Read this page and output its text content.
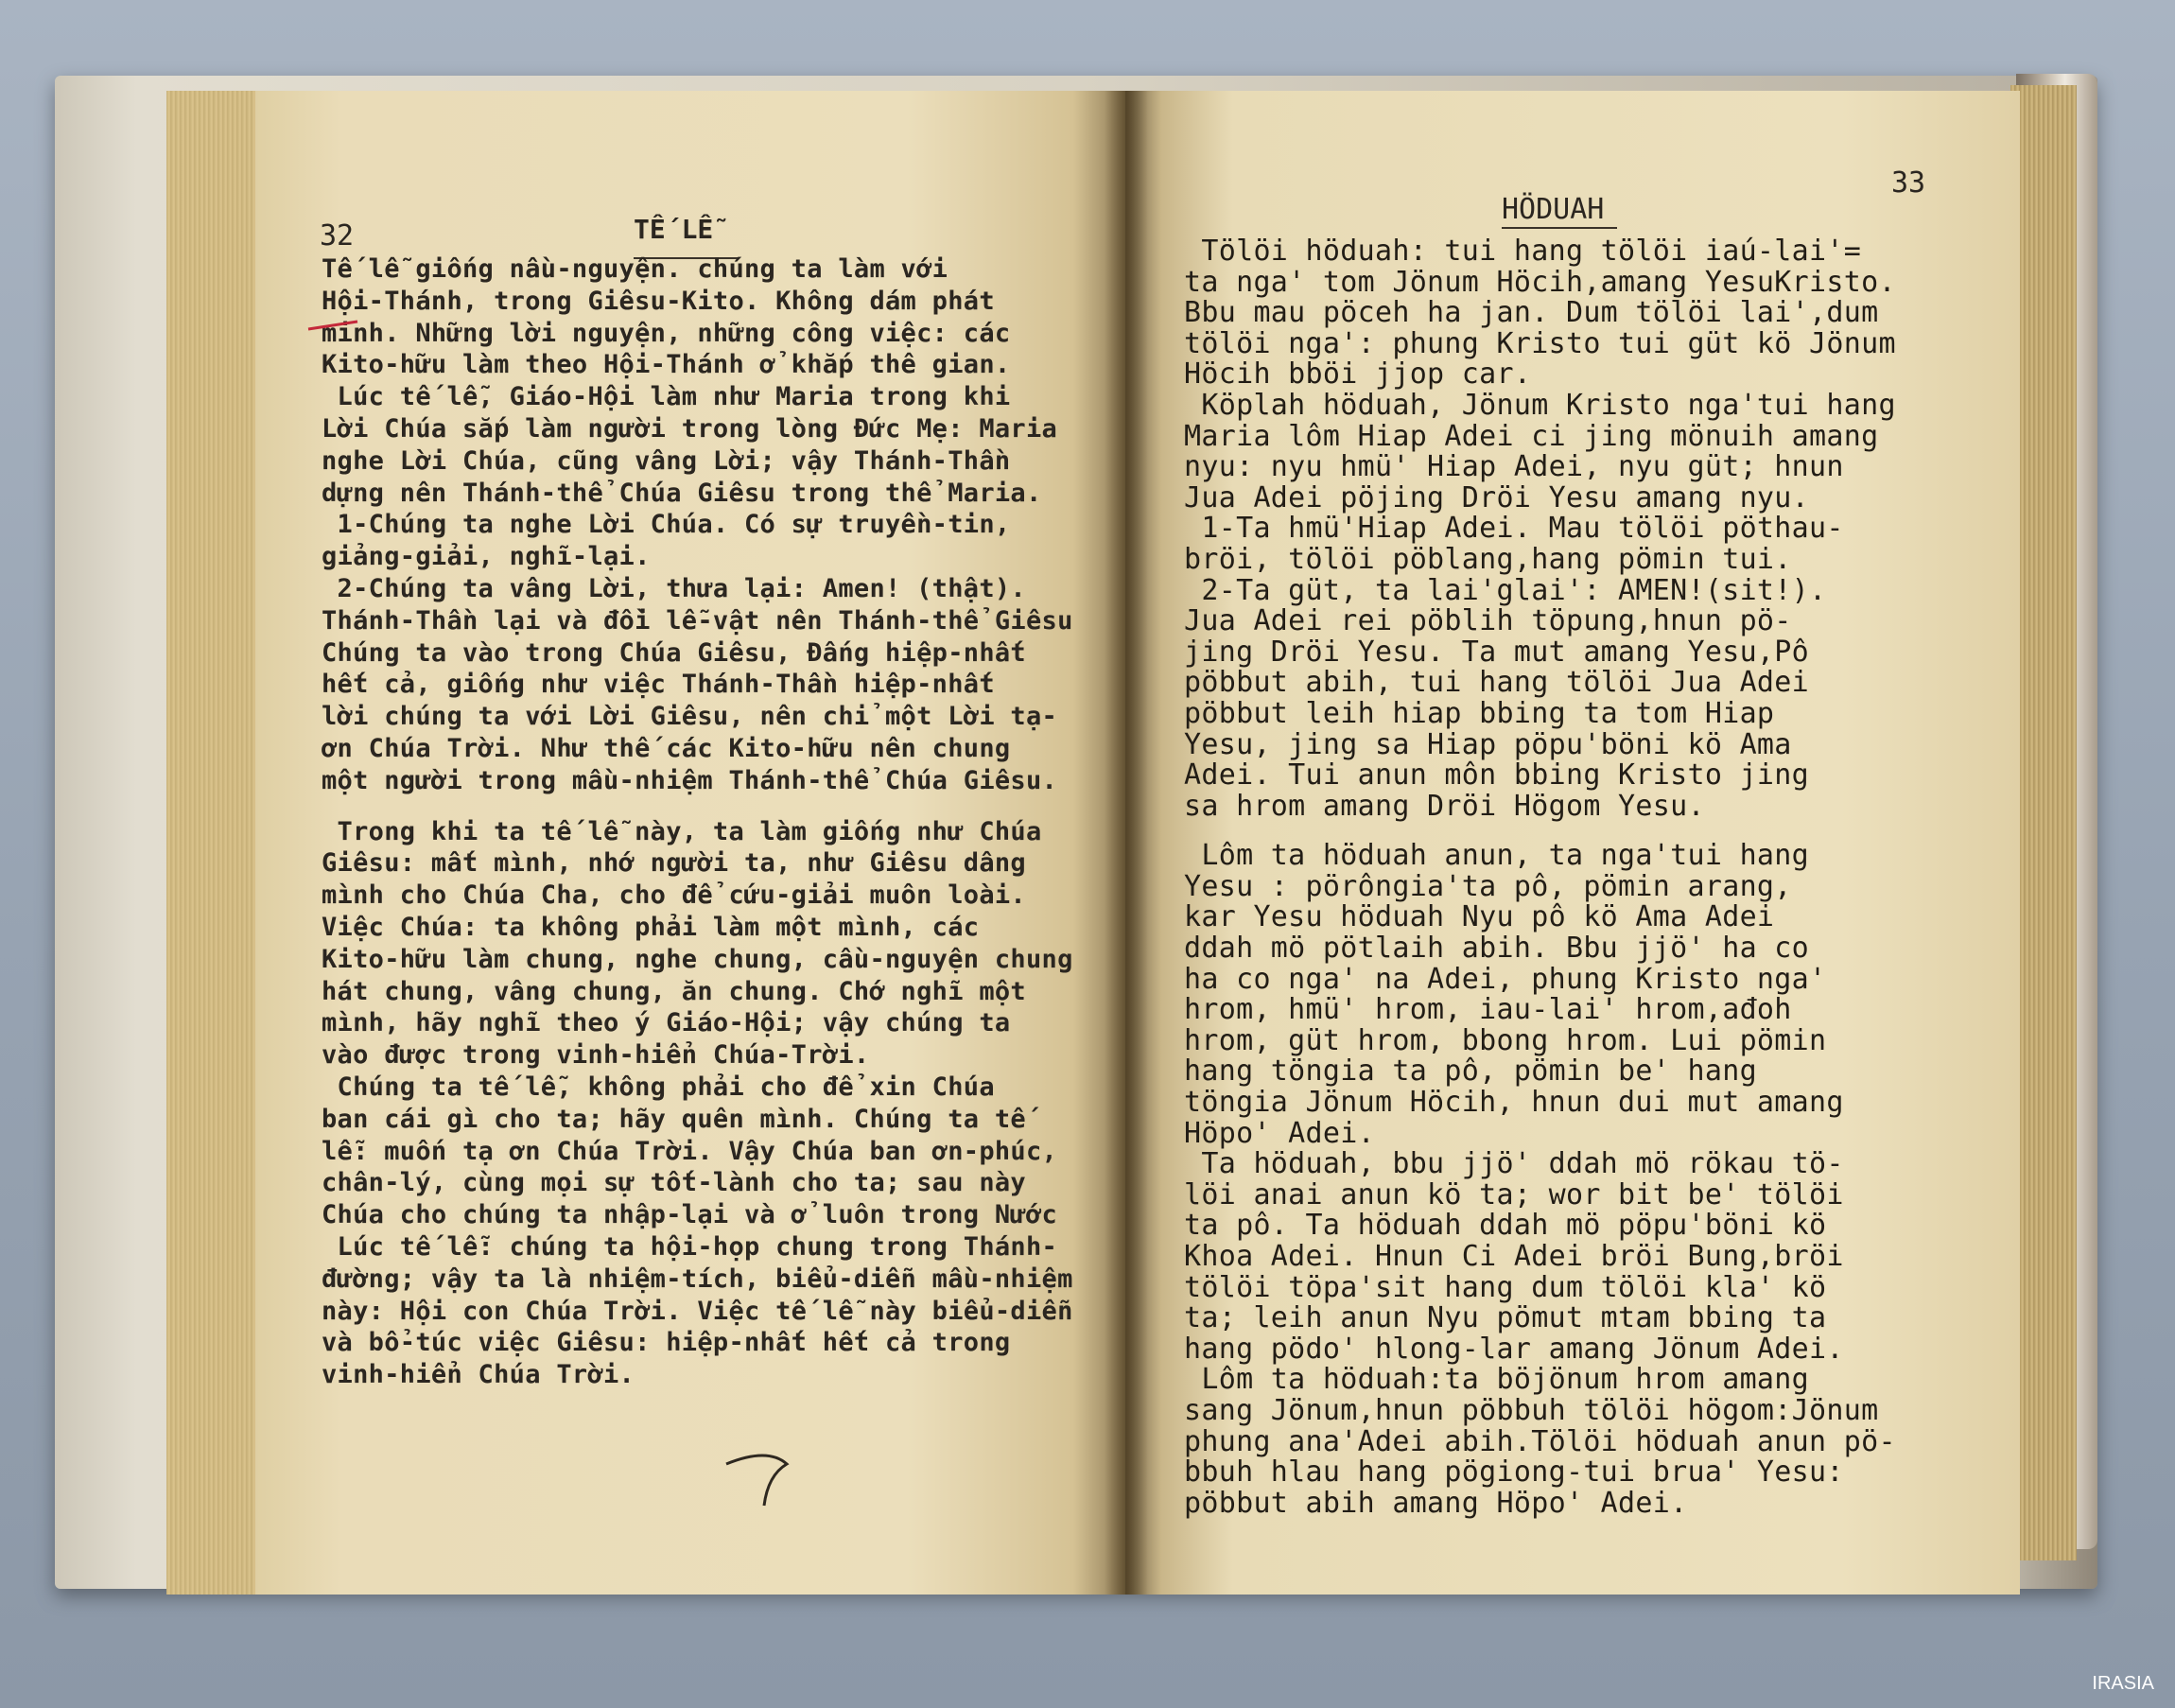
32	TẾ LỄ
33
HÖDUAH
Tế lễ giống nầu-nguyện. chúng ta làm với
Hội-Thánh, trong Giêsu-Kito. Không dám phát
minh. Những lời nguyện, những công việc: các
Kito-hữu làm theo Hội-Thánh ở khắp thê gian.
Lúc tế lễ, Giáo-Hội làm như Maria trong khi
Lời Chúa sắp làm người trong lòng Đức Mẹ: Maria
nghe Lời Chúa, cũng vâng Lời; vậy Thánh-Thần
dựng nên Thánh-thể Chúa Giêsu trong thể Maria.
1-Chúng ta nghe Lời Chúa. Có sự truyền-tin,
giảng-giải, nghĩ-lại.
2-Chúng ta vâng Lời, thưa lại: Amen! (thật).
Thánh-Thần lại và đồi lễ-vật nên Thánh-thể Giêsu
Chúng ta vào trong Chúa Giêsu, Đấng hiệp-nhất
hết cả, giống như việc Thánh-Thần hiệp-nhất
lời chúng ta với Lời Giêsu, nên chỉ một Lời tạ-
ơn Chúa Trời. Như thế các Kito-hữu nên chung
một người trong mầu-nhiệm Thánh-thể Chúa Giêsu.
Trong khi ta tế lễ này, ta làm giống như Chúa
Giêsu: mất mình, nhớ người ta, như Giêsu dâng
mình cho Chúa Cha, cho để cứu-giải muôn loài.
Việc Chúa: ta không phải làm một mình, các
Kito-hữu làm chung, nghe chung, cầu-nguyện chung
hát chung, vâng chung, ăn chung. Chớ nghĩ một
mình, hãy nghĩ theo ý Giáo-Hội; vậy chúng ta
vào được trong vinh-hiển Chúa-Trời.
Chúng ta tế lễ, không phải cho để xin Chúa
ban cái gì cho ta; hãy quên mình. Chúng ta tế
lễ: muốn tạ ơn Chúa Trời. Vậy Chúa ban ơn-phúc,
chân-lý, cùng mọi sự tốt-lành cho ta; sau này
Chúa cho chúng ta nhập-lại và ở luôn trong Nước
Lúc tế lễ: chúng ta hội-họp chung trong Thánh-
đường; vậy ta là nhiệm-tích, biểu-diễn mầu-nhiệm
này: Hội con Chúa Trời. Việc tế lễ này biểu-diễn
và bổ-túc việc Giêsu: hiệp-nhất hết cả trong
vinh-hiển Chúa Trời.
Tölöi höduah: tui hang tölöi iaú-lai'=
ta nga' tom Jönum Höcih,amang YesuKristo.
Bbu mau pöceh ha jan. Dum tölöi lai',dum
tölöi nga': phung Kristo tui güt kö Jönum
Höcih bböi jjop car.
Köplah höduah, Jönum Kristo nga'tui hang
Maria lôm Hiap Adei ci jing mönuih amang
nyu: nyu hmü' Hiap Adei, nyu güt; hnun
Jua Adei pöjing Dröi Yesu amang nyu.
1-Ta hmü'Hiap Adei. Mau tölöi pöthau-
bröi, tölöi pöblang,hang pömin tui.
2-Ta güt, ta lai'glai': AMEN!(sit!).
Jua Adei rei pöblih töpung,hnun pö-
jing Dröi Yesu. Ta mut amang Yesu,Pô
pöbbut abih, tui hang tölöi Jua Adei
pöbbut leih hiap bbing ta tom Hiap
Yesu, jing sa Hiap pöpu'böni kö Ama
Adei. Tui anun môn bbing Kristo jing
sa hrom amang Dröi Högom Yesu.
Lôm ta höduah anun, ta nga'tui hang
Yesu : pörôngia'ta pô, pömin arang,
kar Yesu höduah Nyu pô kö Ama Adei
ddah mö pötlaih abih. Bbu jjö' ha co
ha co nga' na Adei, phung Kristo nga'
hrom, hmü' hrom, iau-lai' hrom,ađoh
hrom, güt hrom, bbong hrom. Lui pömin
hang töngia ta pô, pömin be' hang
töngia Jönum Höcih, hnun dui mut amang
Höpo' Adei.
Ta höduah, bbu jjö' ddah mö rökau tö-
löi anai anun kö ta; wor bit be' tölöi
ta pô. Ta höduah ddah mö pöpu'böni kö
Khoa Adei. Hnun Ci Adei bröi Bung,bröi
tölöi töpa'sit hang dum tölöi kla' kö
ta; leih anun Nyu pömut mtam bbing ta
hang pödo' hlong-lar amang Jönum Adei.
Lôm ta höduah:ta böjönum hrom amang
sang Jönum,hnun pöbbuh tölöi högom:Jönum
phung ana'Adei abih.Tölöi höduah anun pö-
bbuh hlau hang pögiong-tui brua' Yesu:
pöbbut abih amang Höpo' Adei.
IRASIA
